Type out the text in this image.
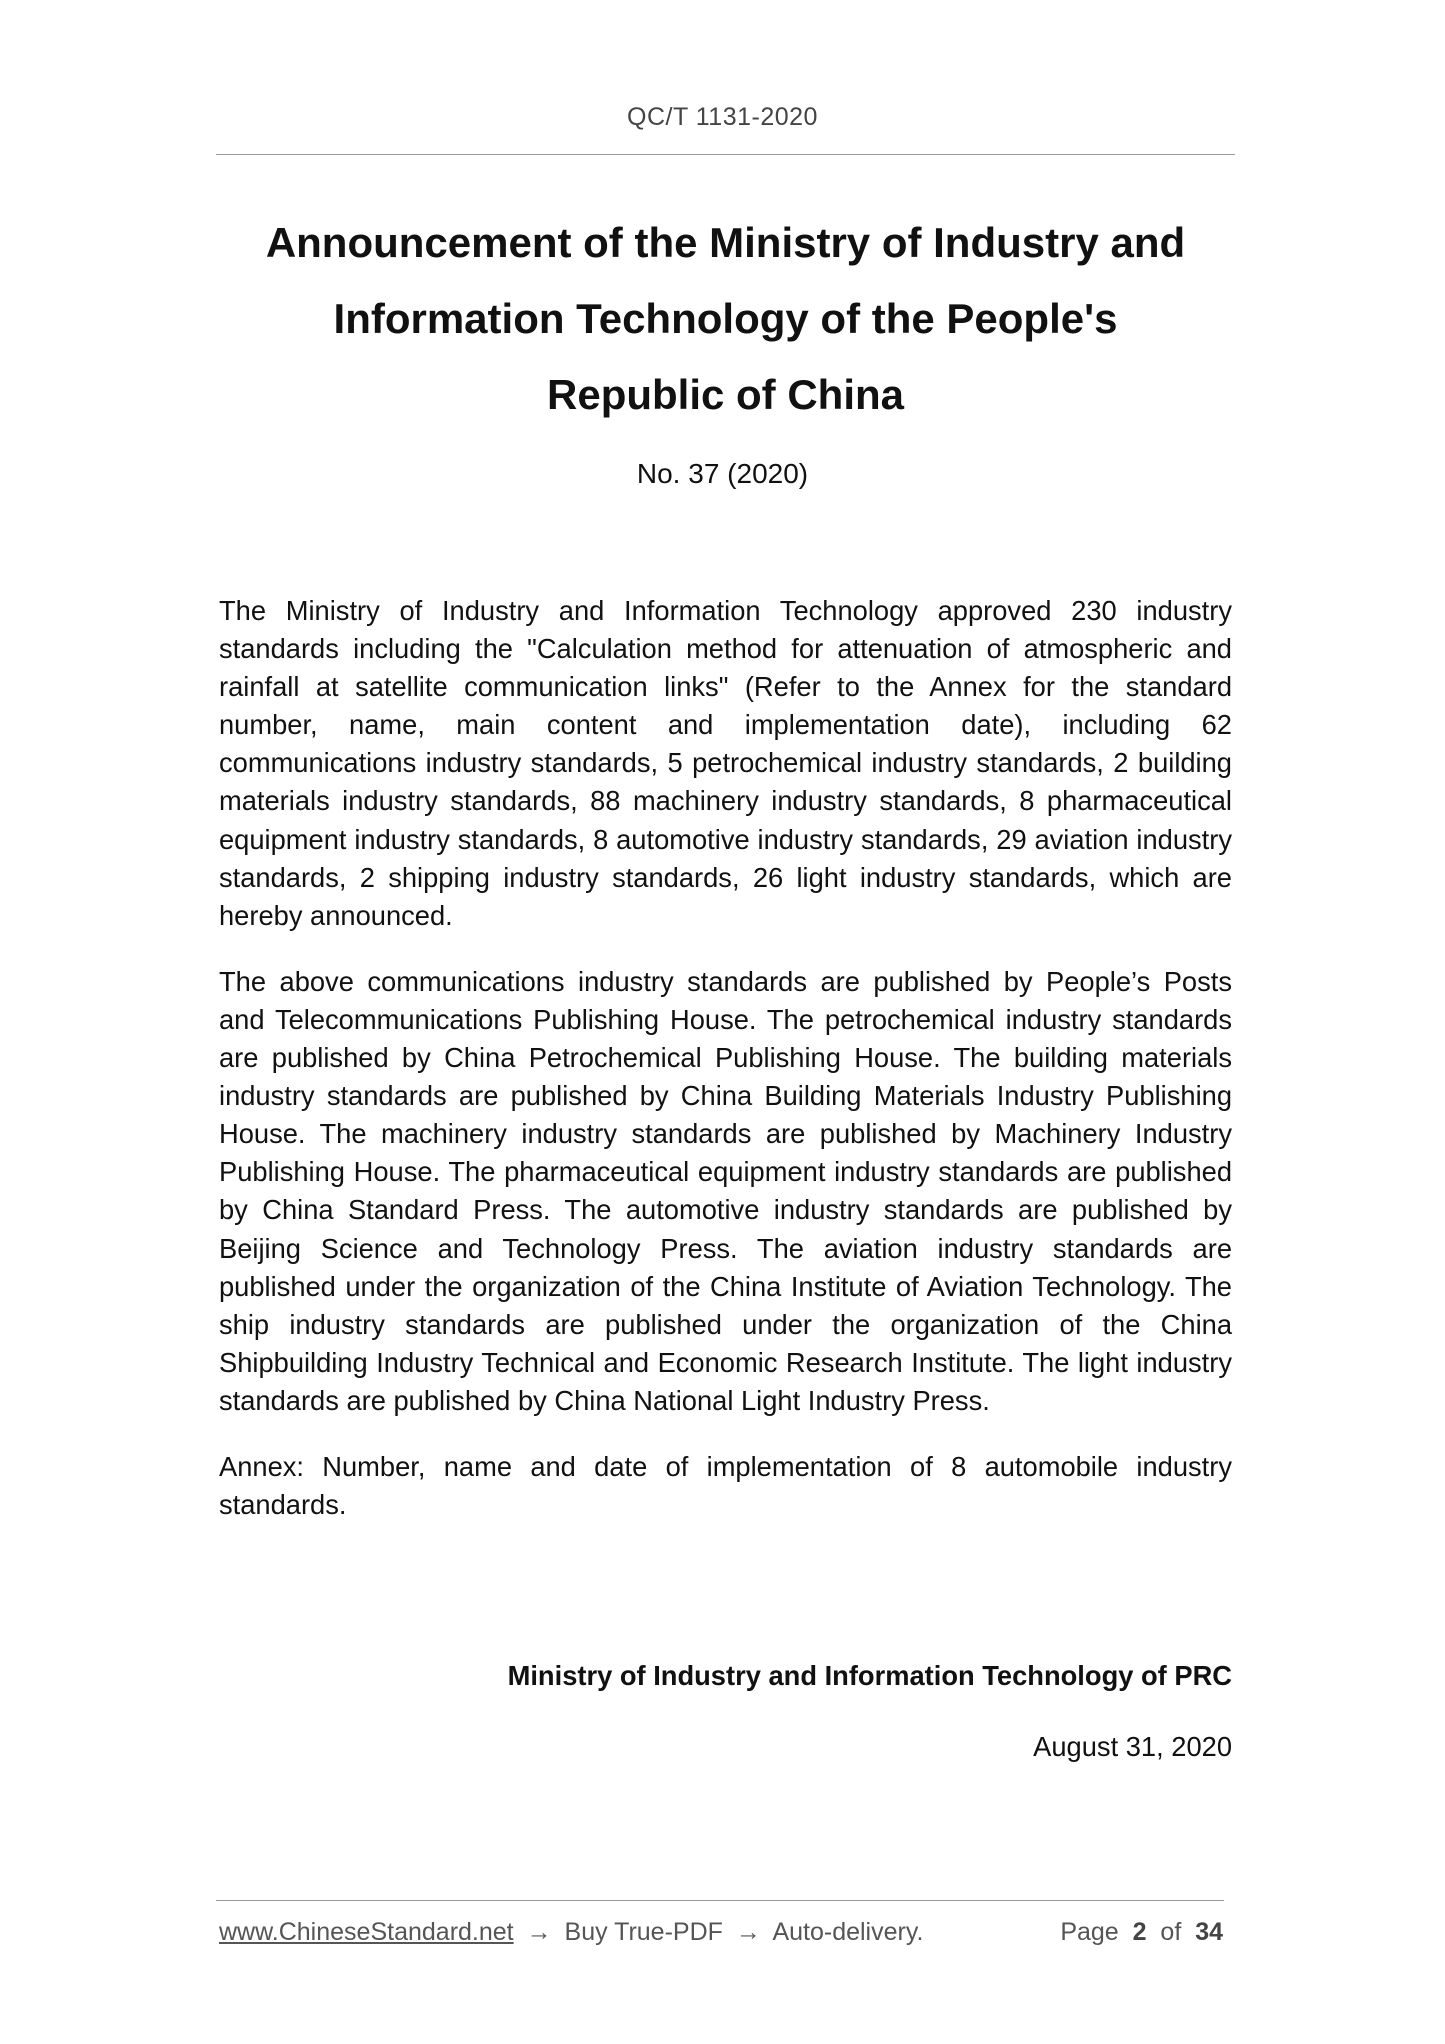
QC/T 1131-2020
Announcement of the Ministry of Industry and
Information Technology of the People's
Republic of China
No. 37 (2020)

The Ministry of Industry and Information Technology approved 230 industry standards including the "Calculation method for attenuation of atmospheric and rainfall at satellite communication links" (Refer to the Annex for the standard number, name, main content and implementation date), including 62 communications industry standards, 5 petrochemical industry standards, 2 building materials industry standards, 88 machinery industry standards, 8 pharmaceutical equipment industry standards, 8 automotive industry standards, 29 aviation industry standards, 2 shipping industry standards, 26 light industry standards, which are hereby announced.

The above communications industry standards are published by People’s Posts and Telecommunications Publishing House. The petrochemical industry standards are published by China Petrochemical Publishing House. The building materials industry standards are published by China Building Materials Industry Publishing House. The machinery industry standards are published by Machinery Industry Publishing House. The pharmaceutical equipment industry standards are published by China Standard Press. The automotive industry standards are published by Beijing Science and Technology Press. The aviation industry standards are published under the organization of the China Institute of Aviation Technology. The ship industry standards are published under the organization of the China Shipbuilding Industry Technical and Economic Research Institute. The light industry standards are published by China National Light Industry Press.

Annex: Number, name and date of implementation of 8 automobile industry standards.

Ministry of Industry and Information Technology of PRC
August 31, 2020
www.ChineseStandard.net → Buy True-PDF → Auto-delivery.	Page 2 of 34
